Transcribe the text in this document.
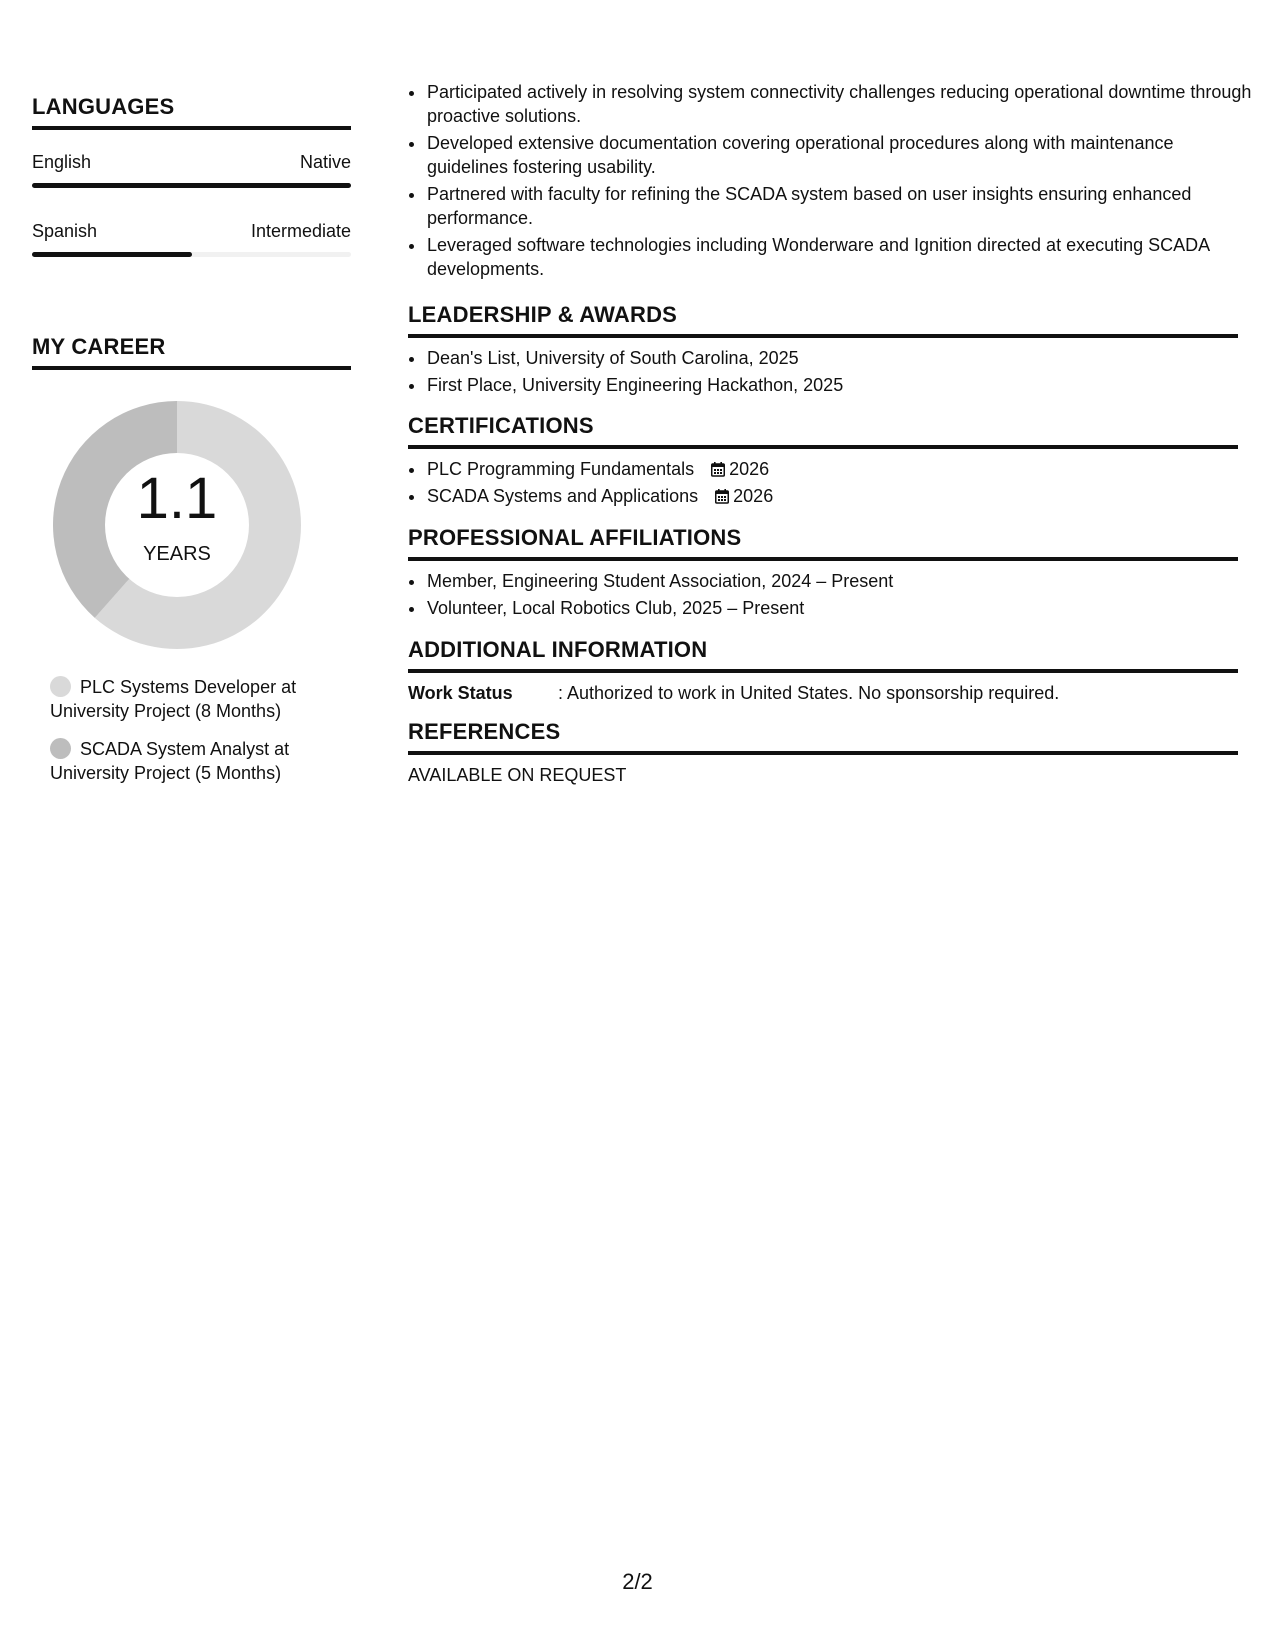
LANGUAGES
English	Native
Spanish	Intermediate
MY CAREER
1.1
YEARS
PLC Systems Developer at University Project (8 Months)
SCADA System Analyst at University Project (5 Months)
• Participated actively in resolving system connectivity challenges reducing operational downtime through proactive solutions.
• Developed extensive documentation covering operational procedures along with maintenance guidelines fostering usability.
• Partnered with faculty for refining the SCADA system based on user insights ensuring enhanced performance.
• Leveraged software technologies including Wonderware and Ignition directed at executing SCADA developments.
LEADERSHIP & AWARDS
• Dean's List, University of South Carolina, 2025
• First Place, University Engineering Hackathon, 2025
CERTIFICATIONS
• PLC Programming Fundamentals 2026
• SCADA Systems and Applications 2026
PROFESSIONAL AFFILIATIONS
• Member, Engineering Student Association, 2024 – Present
• Volunteer, Local Robotics Club, 2025 – Present
ADDITIONAL INFORMATION
Work Status	: Authorized to work in United States. No sponsorship required.
REFERENCES
AVAILABLE ON REQUEST
2/2
